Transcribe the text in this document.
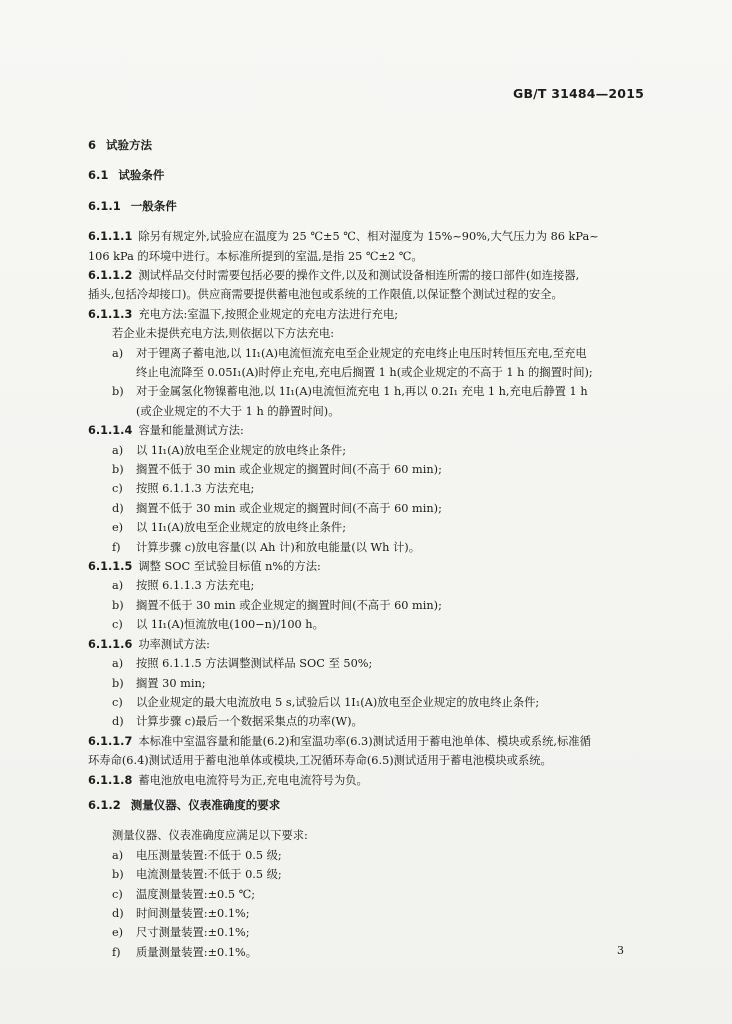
GB/T 31484—2015
6 试验方法
6.1 试验条件
6.1.1 一般条件

6.1.1.1 除另有规定外,试验应在温度为 25 ℃±5 ℃、相对湿度为 15%~90%,大气压力为 86 kPa~

106 kPa 的环境中进行。本标准所提到的室温,是指 25 ℃±2 ℃。

6.1.1.2 测试样品交付时需要包括必要的操作文件,以及和测试设备相连所需的接口部件(如连接器,

插头,包括冷却接口)。供应商需要提供蓄电池包或系统的工作限值,以保证整个测试过程的安全。

6.1.1.3 充电方法:室温下,按照企业规定的充电方法进行充电;

若企业未提供充电方法,则依据以下方法充电:

a)	对于锂离子蓄电池,以 1I₁(A)电流恒流充电至企业规定的充电终止电压时转恒压充电,至充电

终止电流降至 0.05I₁(A)时停止充电,充电后搁置 1 h(或企业规定的不高于 1 h 的搁置时间);

b)	对于金属氢化物镍蓄电池,以 1I₁(A)电流恒流充电 1 h,再以 0.2I₁ 充电 1 h,充电后静置 1 h

(或企业规定的不大于 1 h 的静置时间)。

6.1.1.4 容量和能量测试方法:

a)	以 1I₁(A)放电至企业规定的放电终止条件;

b)	搁置不低于 30 min 或企业规定的搁置时间(不高于 60 min);

c)	按照 6.1.1.3 方法充电;

d)	搁置不低于 30 min 或企业规定的搁置时间(不高于 60 min);

e)	以 1I₁(A)放电至企业规定的放电终止条件;

f)	计算步骤 c)放电容量(以 Ah 计)和放电能量(以 Wh 计)。

6.1.1.5 调整 SOC 至试验目标值 n%的方法:

a)	按照 6.1.1.3 方法充电;

b)	搁置不低于 30 min 或企业规定的搁置时间(不高于 60 min);

c)	以 1I₁(A)恒流放电(100−n)/100 h。

6.1.1.6 功率测试方法:

a)	按照 6.1.1.5 方法调整测试样品 SOC 至 50%;

b)	搁置 30 min;

c)	以企业规定的最大电流放电 5 s,试验后以 1I₁(A)放电至企业规定的放电终止条件;

d)	计算步骤 c)最后一个数据采集点的功率(W)。

6.1.1.7 本标准中室温容量和能量(6.2)和室温功率(6.3)测试适用于蓄电池单体、模块或系统,标准循

环寿命(6.4)测试适用于蓄电池单体或模块,工况循环寿命(6.5)测试适用于蓄电池模块或系统。

6.1.1.8 蓄电池放电电流符号为正,充电电流符号为负。

6.1.2 测量仪器、仪表准确度的要求

测量仪器、仪表准确度应满足以下要求:

a)	电压测量装置:不低于 0.5 级;

b)	电流测量装置:不低于 0.5 级;

c)	温度测量装置:±0.5 ℃;

d)	时间测量装置:±0.1%;

e)	尺寸测量装置:±0.1%;

f)	质量测量装置:±0.1%。	3
